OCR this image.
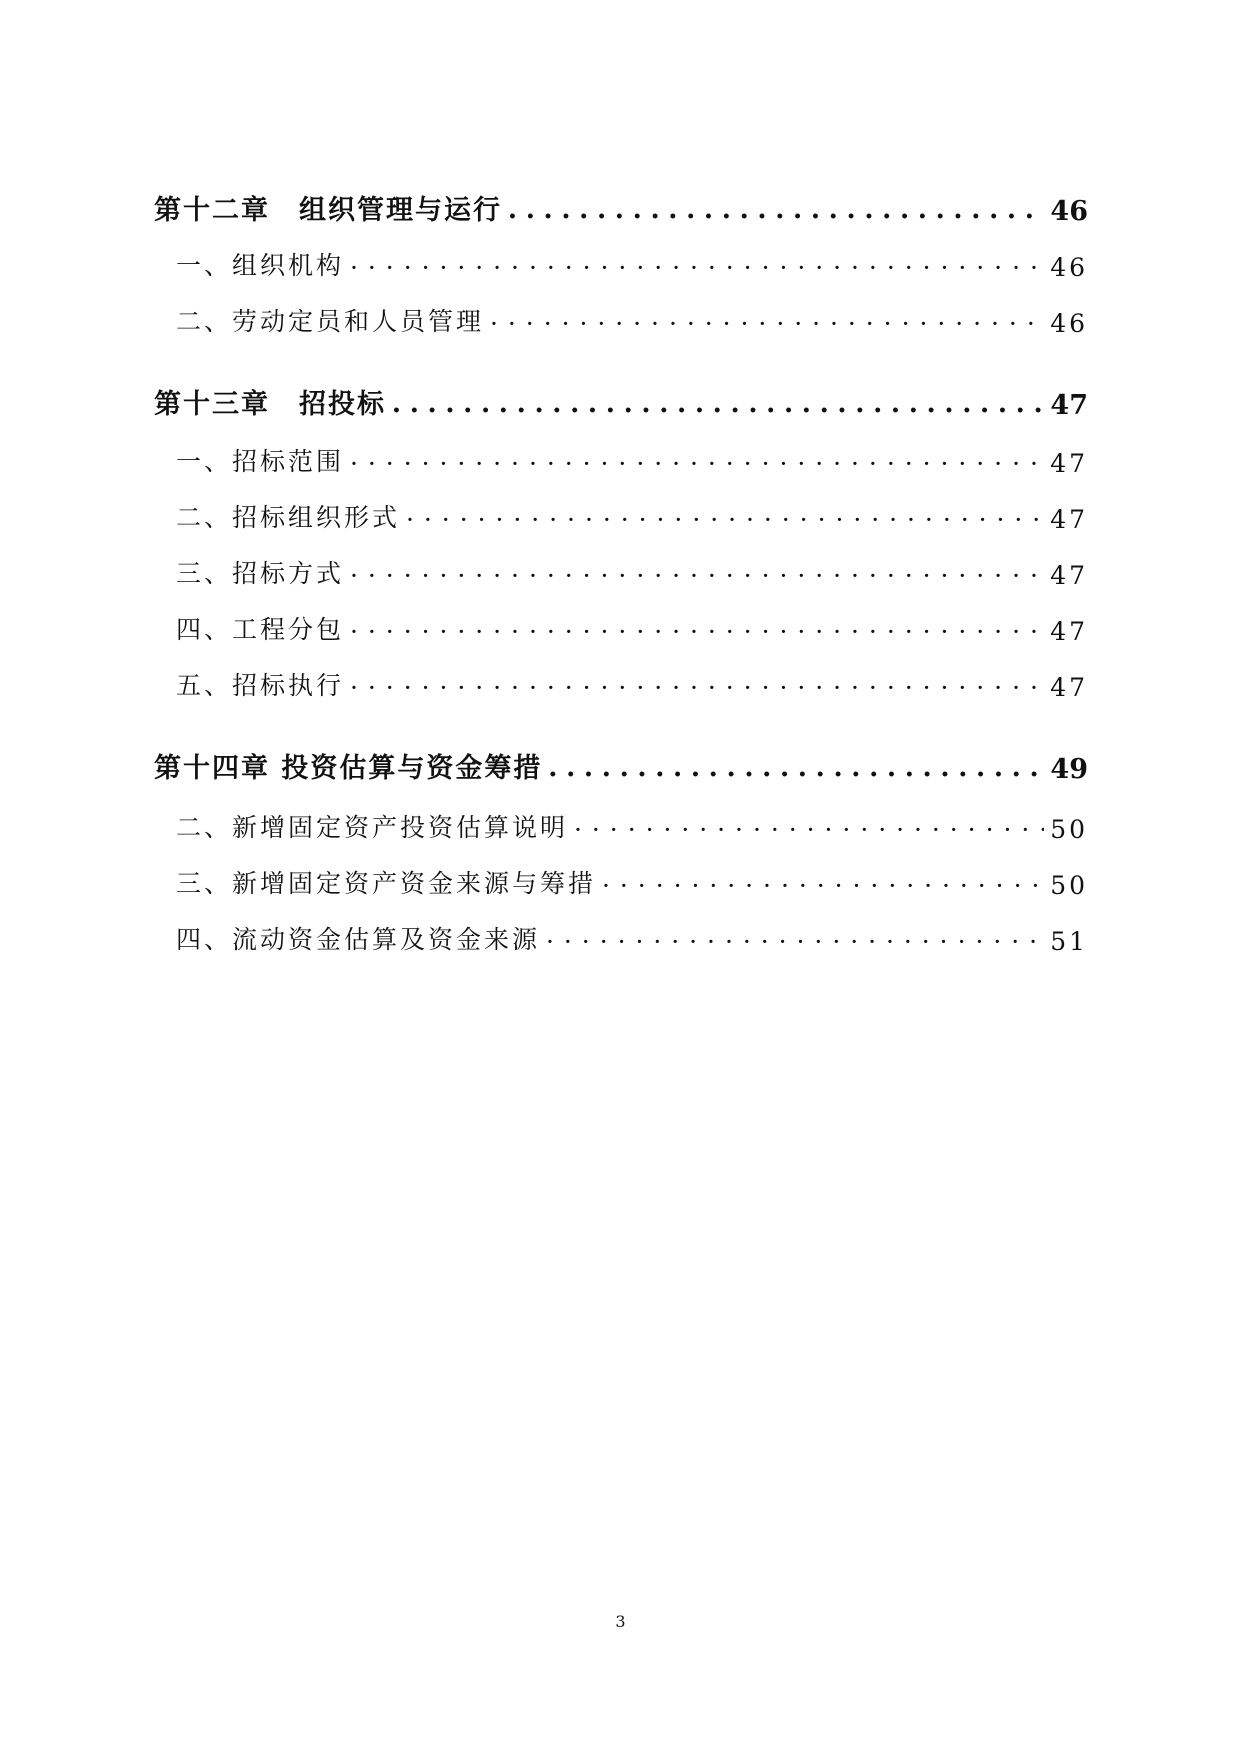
第十二章　组织管理与运行 • • •	46
一、组织机构 · · ·	46
二、劳动定员和人员管理 · · ·	46
第十三章　招投标 • • •	47
一、招标范围 · · ·	47
二、招标组织形式 · · ·	47
三、招标方式 · · ·	47
四、工程分包 · · ·	47
五、招标执行 · · ·	47
第十四章 投资估算与资金筹措 • • •	49
二、新增固定资产投资估算说明 · · ·	50
三、新增固定资产资金来源与筹措 · · ·	50
四、流动资金估算及资金来源 · · ·	51
3
